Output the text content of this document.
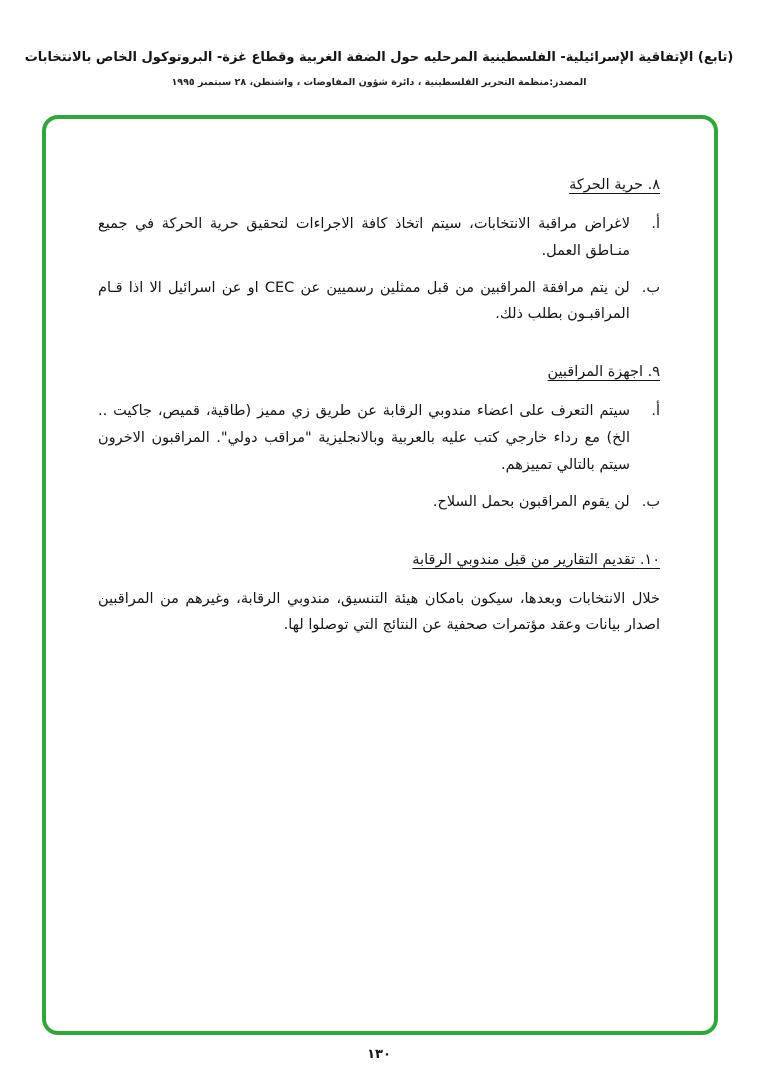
(تابع) الإتفاقية الإسرائيلية- الفلسطينية المرحليه حول الضفة الغربية وقطاع غزة- البروتوكول الخاص بالانتخابات
المصدر:منظمة التحرير الفلسطينية ، دائرة شؤون المفاوضات ، واشنطن، ٢٨ سبتمبر ١٩٩٥
٨. حرية الحركة
أ.

لاغراض مراقبة الانتخابات، سيتم اتخاذ كافة الاجراءات لتحقيق حرية الحركة في جميع منـاطق العمل.

ب.

لن يتم مرافقة المراقبين من قبل ممثلين رسميين عن CEC او عن اسرائيل الا اذا قـام المراقبـون بطلب ذلك.

٩. اجهزة المراقبين
أ.

سيتم التعرف على اعضاء مندوبي الرقابة عن طريق زي مميز (طاقية، قميص، جاكيت .. الخ) مع رداء خارجي كتب عليه بالعربية وبالانجليزية "مراقب دولي". المراقبون الاخرون سيتم بالتالي تمييزهم.

ب.

لن يقوم المراقبون بحمل السلاح.

١٠. تقديم التقارير من قبل مندوبي الرقابة

خلال الانتخابات وبعدها، سيكون بامكان هيئة التنسيق، مندوبي الرقابة، وغيرهم من المراقبين اصدار بيانات وعقد مؤتمرات صحفية عن النتائج التي توصلوا لها.

١٣٠
